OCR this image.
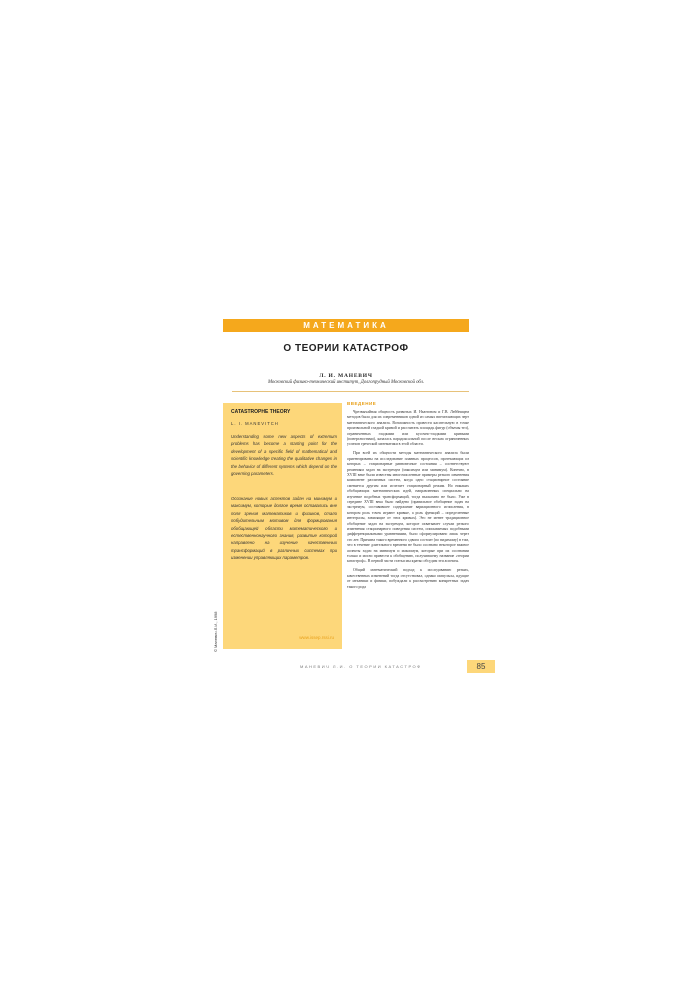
МАТЕМАТИКА
О ТЕОРИИ КАТАСТРОФ
Л. И. МАНЕВИЧ
Московский физико-технический институт, Долгопрудный Московской обл.
CATASTROPHE THEORY
L. I. MANEVITCH
Understanding some new aspects of extremum problems has become a starting point for the development of a specific field of mathematical and scientific knowledge treating the qualitative changes in the behavior of different systems which depend on the governing parameters.
Осознание новых аспектов задач на минимум и максимум, которые долгое время оставались вне поля зрения математиков и физиков, стало побудительным мотивом для формирования обобщающей области математического и естественнонаучного знания, развитие которой направлено на изучение качественных трансформаций в различных системах при изменении управляющих параметров.
www.issep.rssi.ru
© Маневич Л.И., 1998
ВВЕДЕНИЕ

Чрезвычайная общность развитых И. Ньютоном и Г.В. Лейбницем методов была для их современников одной из самых впечатляющих черт математического анализа. Возможность провести касательную в точке произвольной гладкой кривой и рассчитать площадь фигур (объемы тел), ограниченных гладкими или кусочно-гладкими кривыми (поверхностями), казалась парадоксальной после весьма ограниченных успехов греческой математики в этой области.

При всей их общности методы математического анализа были ориентированы на исследование плавных процессов, протекающих из которых – стационарные равновесные состояния – соответствуют решениям задач на экстремум (максимум или минимум). Конечно, в XVIII веке были известны многочисленные примеры резкого изменения компонент различных систем, когда одно стационарное состояние сменяется другим или исчезает стационарный режим. Но никаких обобщающих математических идей, направленных специально на изучение подобных трансформаций, тогда высказано не было. Уже в середине XVIII века было найдено (правильное обобщение задач на экстремум, составившее содержание вариационного исчисления, в котором роль точек играют кривые, а роль функций – определенные интегралы, зависящие от этих кривых). Это не менее традиционное обобщение задач на экстремум, которое охватывает случаи резкого изменения стационарного поведения систем, описываемых подобными дифференциальными уравнениями, было сформулировано лишь через сто лет. Причина такого временного сдвига состоит (по видимому) в том, что в течение длительного времени не было осознано некоторое важное аспекты задач на минимум и максимум, которые при их осознании только и могли привести к обобщению, получившему название «теории катастроф». В первой части статьи мы кратко обсудим эти аспекты.

Общий математический подход к исследованию резких, качественных изменений тогда отсутствовал, однако импульсы, идущие от механики и физики, побуждали к рассмотрению конкретных задач такого рода

МАНЕВИЧ Л.И. О ТЕОРИИ КАТАСТРОФ	85
